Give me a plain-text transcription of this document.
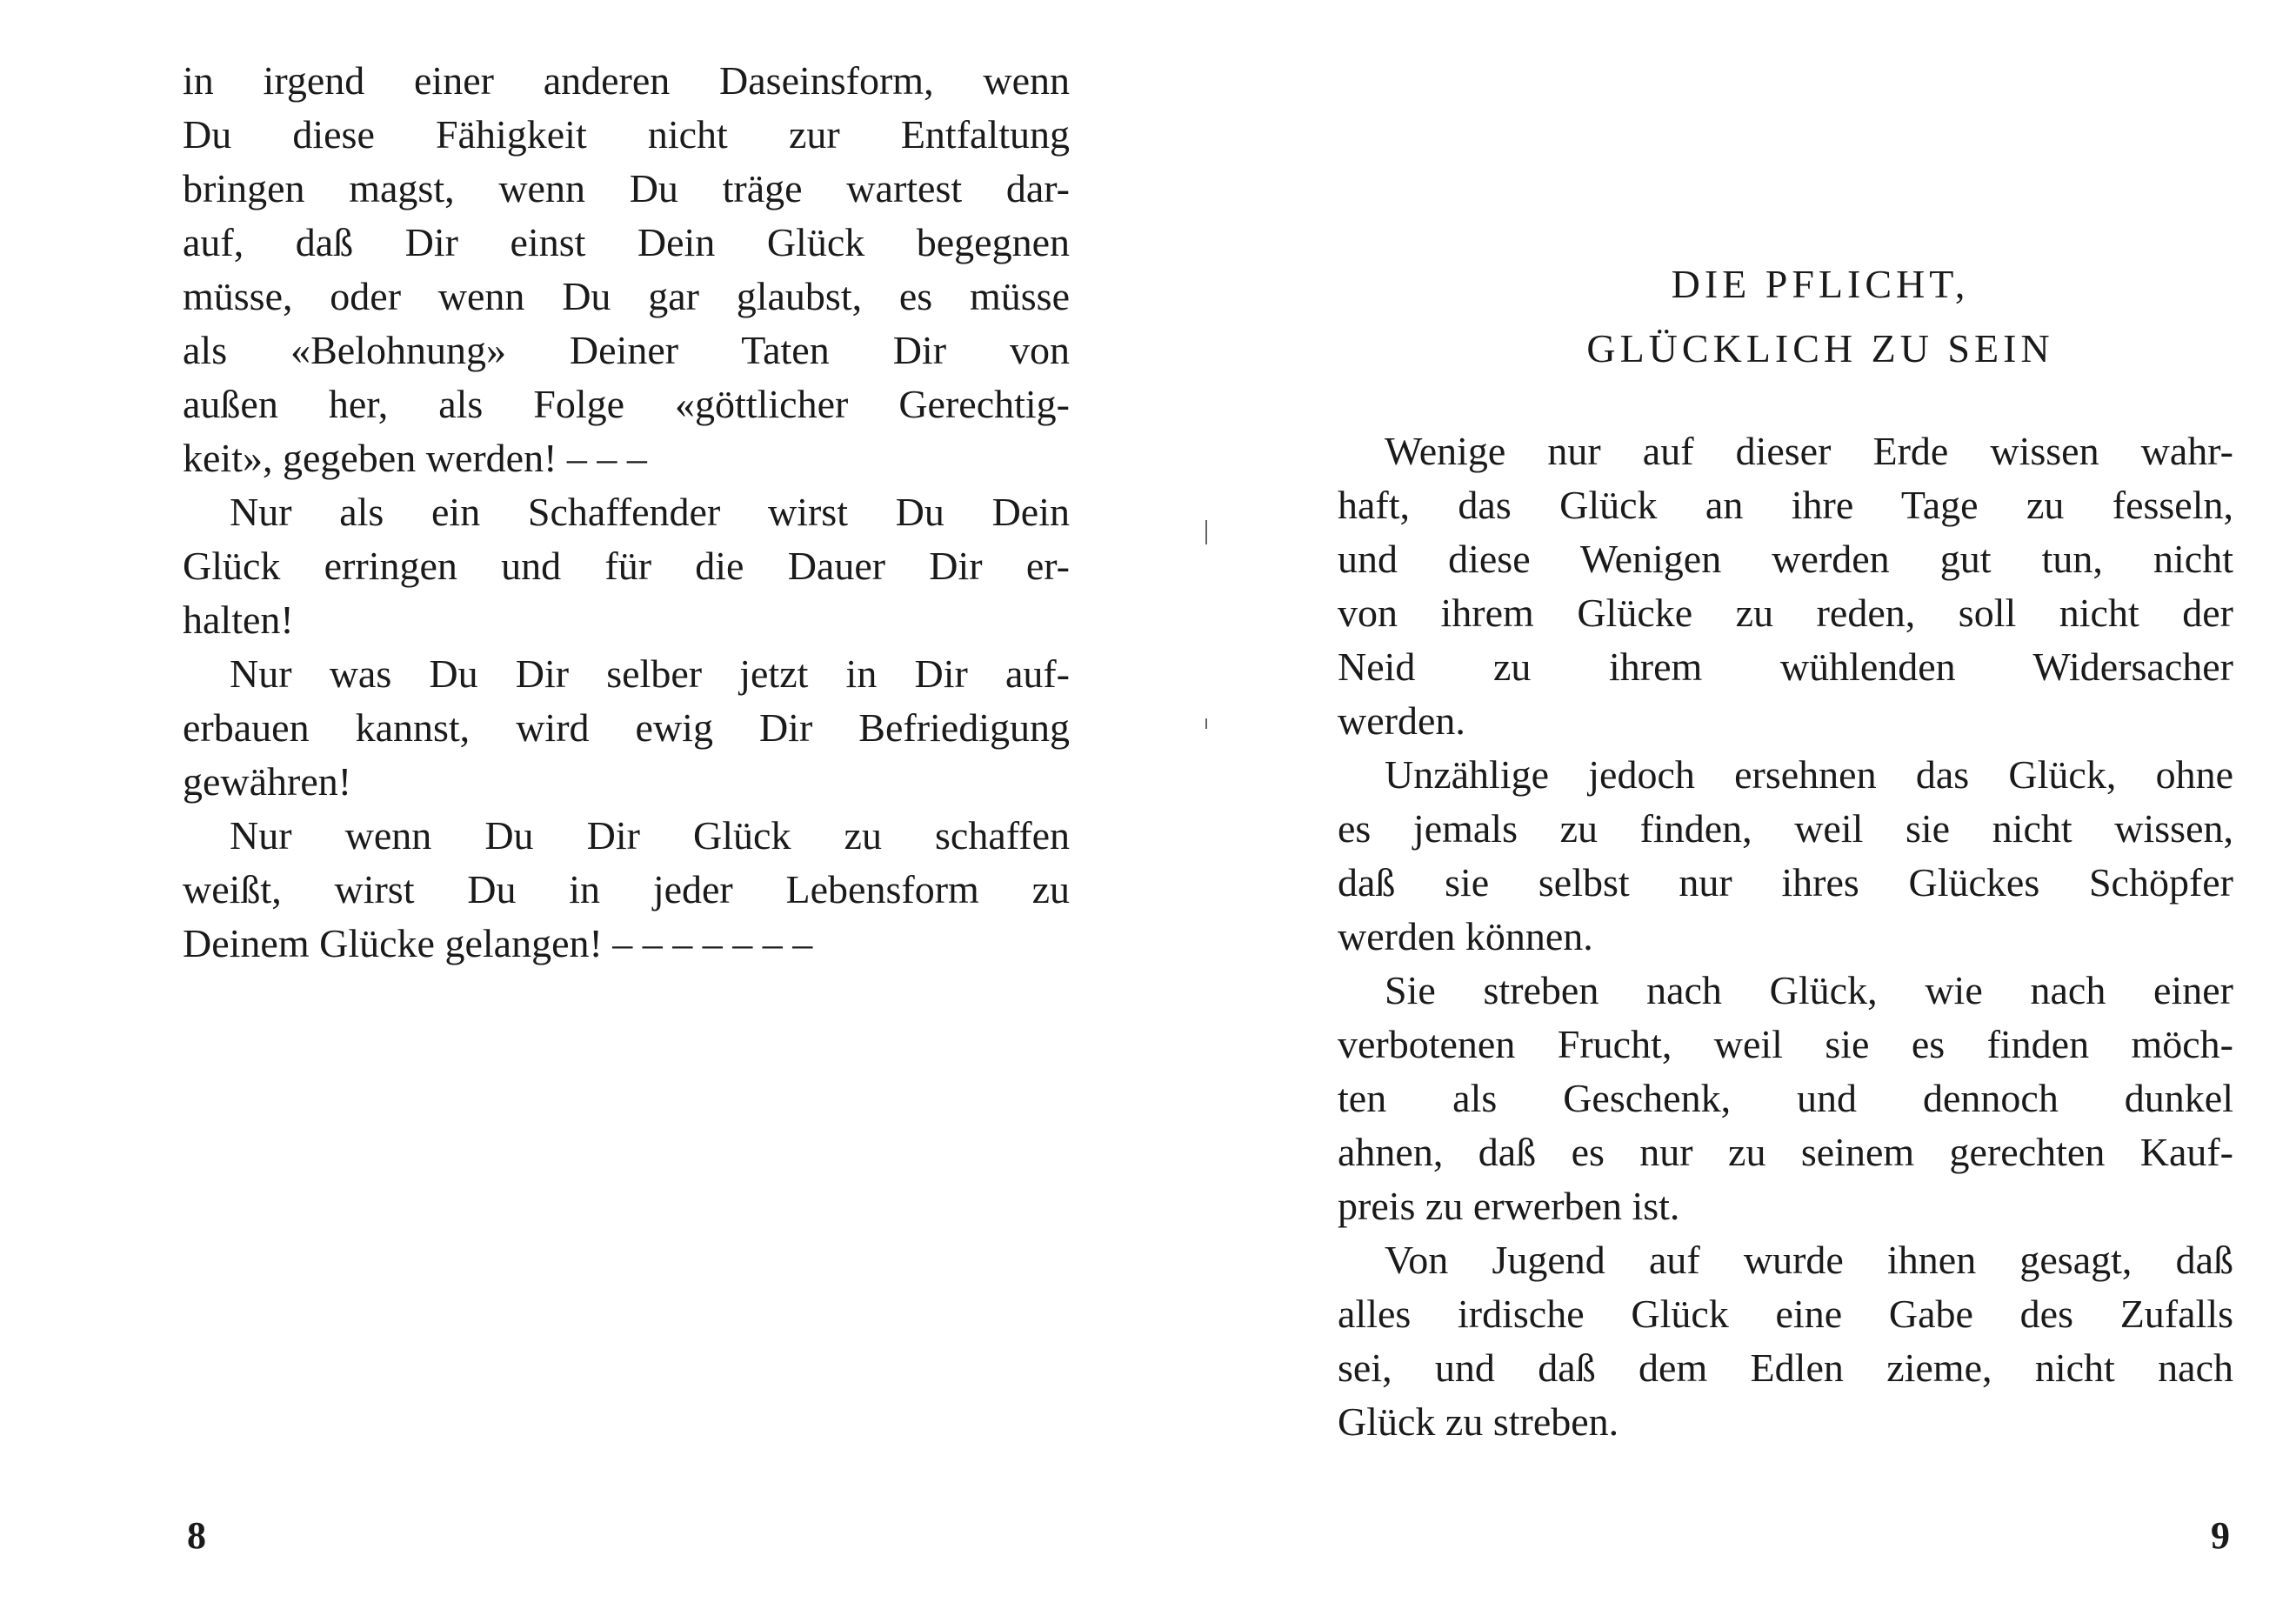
in irgend einer anderen Daseinsform, wenn
Du diese Fähigkeit nicht zur Entfaltung
bringen magst, wenn Du träge wartest dar-
auf, daß Dir einst Dein Glück begegnen
müsse, oder wenn Du gar glaubst, es müsse
als «Belohnung» Deiner Taten Dir von
außen her, als Folge «göttlicher Gerechtig-
keit», gegeben werden! – – –
Nur als ein Schaffender wirst Du Dein
Glück erringen und für die Dauer Dir er-
halten!
Nur was Du Dir selber jetzt in Dir auf-
erbauen kannst, wird ewig Dir Befriedigung
gewähren!
Nur wenn Du Dir Glück zu schaffen
weißt, wirst Du in jeder Lebensform zu
Deinem Glücke gelangen! – – – – – – –
8
DIE PFLICHT,
GLÜCKLICH ZU SEIN
Wenige nur auf dieser Erde wissen wahr-
haft, das Glück an ihre Tage zu fesseln,
und diese Wenigen werden gut tun, nicht
von ihrem Glücke zu reden, soll nicht der
Neid zu ihrem wühlenden Widersacher
werden.
Unzählige jedoch ersehnen das Glück, ohne
es jemals zu finden, weil sie nicht wissen,
daß sie selbst nur ihres Glückes Schöpfer
werden können.
Sie streben nach Glück, wie nach einer
verbotenen Frucht, weil sie es finden möch-
ten als Geschenk, und dennoch dunkel
ahnen, daß es nur zu seinem gerechten Kauf-
preis zu erwerben ist.
Von Jugend auf wurde ihnen gesagt, daß
alles irdische Glück eine Gabe des Zufalls
sei, und daß dem Edlen zieme, nicht nach
Glück zu streben.
9
